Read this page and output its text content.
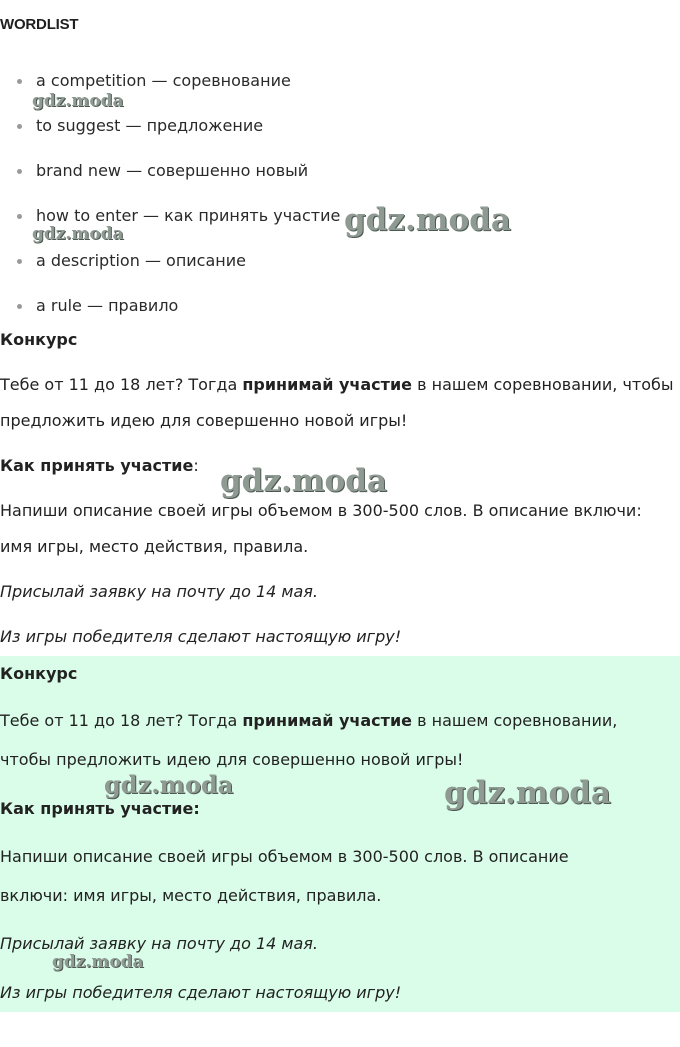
WORDLIST
a competition — соревнование
to suggest — предложение
brand new — совершенно новый
how to enter — как принять участие
a description — описание
a rule — правило
Конкурс
Тебе от 11 до 18 лет? Тогда принимай участие в нашем соревновании, чтобы
предложить идею для совершенно новой игры!
Как принять участие:
Напиши описание своей игры объемом в 300-500 слов. В описание включи:
имя игры, место действия, правила.
Присылай заявку на почту до 14 мая.
Из игры победителя сделают настоящую игру!
Конкурс
Тебе от 11 до 18 лет? Тогда принимай участие в нашем соревновании,
чтобы предложить идею для совершенно новой игры!
Как принять участие:
Напиши описание своей игры объемом в 300-500 слов. В описание
включи: имя игры, место действия, правила.
Присылай заявку на почту до 14 мая.
Из игры победителя сделают настоящую игру!
gdz.moda
gdz.moda
gdz.moda
gdz.moda
gdz.moda	gdz.moda
gdz.moda
